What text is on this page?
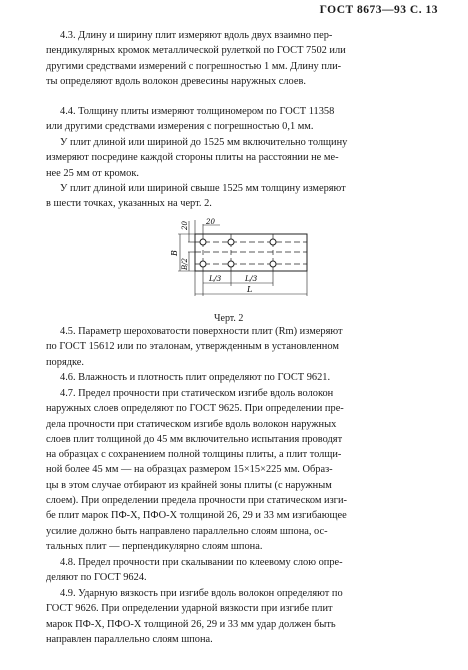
ГОСТ 8673—93 С. 13
4.3. Длину и ширину плит измеряют вдоль двух взаимно пер-
пендикулярных кромок металлической рулеткой по ГОСТ 7502 или
другими средствами измерений с погрешностью 1 мм. Длину пли-
ты определяют вдоль волокон древесины наружных слоев.
4.4. Толщину плиты измеряют толщиномером по ГОСТ 11358
или другими средствами измерения с погрешностью 0,1 мм.
У плит длиной или шириной до 1525 мм включительно толщину
измеряют посредине каждой стороны плиты на расстоянии не ме-
нее 25 мм от кромок.
У плит длиной или шириной свыше 1525 мм толщину измеряют
в шести точках, указанных на черт. 2.
4.5. Параметр шероховатости поверхности плит (Rm) измеряют
по ГОСТ 15612 или по эталонам, утвержденным в установленном
порядке.
4.6. Влажность и плотность плит определяют по ГОСТ 9621.
4.7. Предел прочности при статическом изгибе вдоль волокон
наружных слоев определяют по ГОСТ 9625. При определении пре-
дела прочности при статическом изгибе вдоль волокон наружных
слоев плит толщиной до 45 мм включительно испытания проводят
на образцах с сохранением полной толщины плиты, а плит толщи-
ной более 45 мм — на образцах размером 15×15×225 мм. Образ-
цы в этом случае отбирают из крайней зоны плиты (с наружным
слоем). При определении предела прочности при статическом изги-
бе плит марок ПФ-Х, ПФО-Х толщиной 26, 29 и 33 мм изгибающее
усилие должно быть направлено параллельно слоям шпона, ос-
тальных плит — перпендикулярно слоям шпона.
4.8. Предел прочности при скалывании по клеевому слою опре-
деляют по ГОСТ 9624.
4.9. Ударную вязкость при изгибе вдоль волокон определяют по
ГОСТ 9626. При определении ударной вязкости при изгибе плит
марок ПФ-Х, ПФО-Х толщиной 26, 29 и 33 мм удар должен быть
направлен параллельно слоям шпона.
20
20
B
B/2
L/3	L/3
L
Черт. 2
